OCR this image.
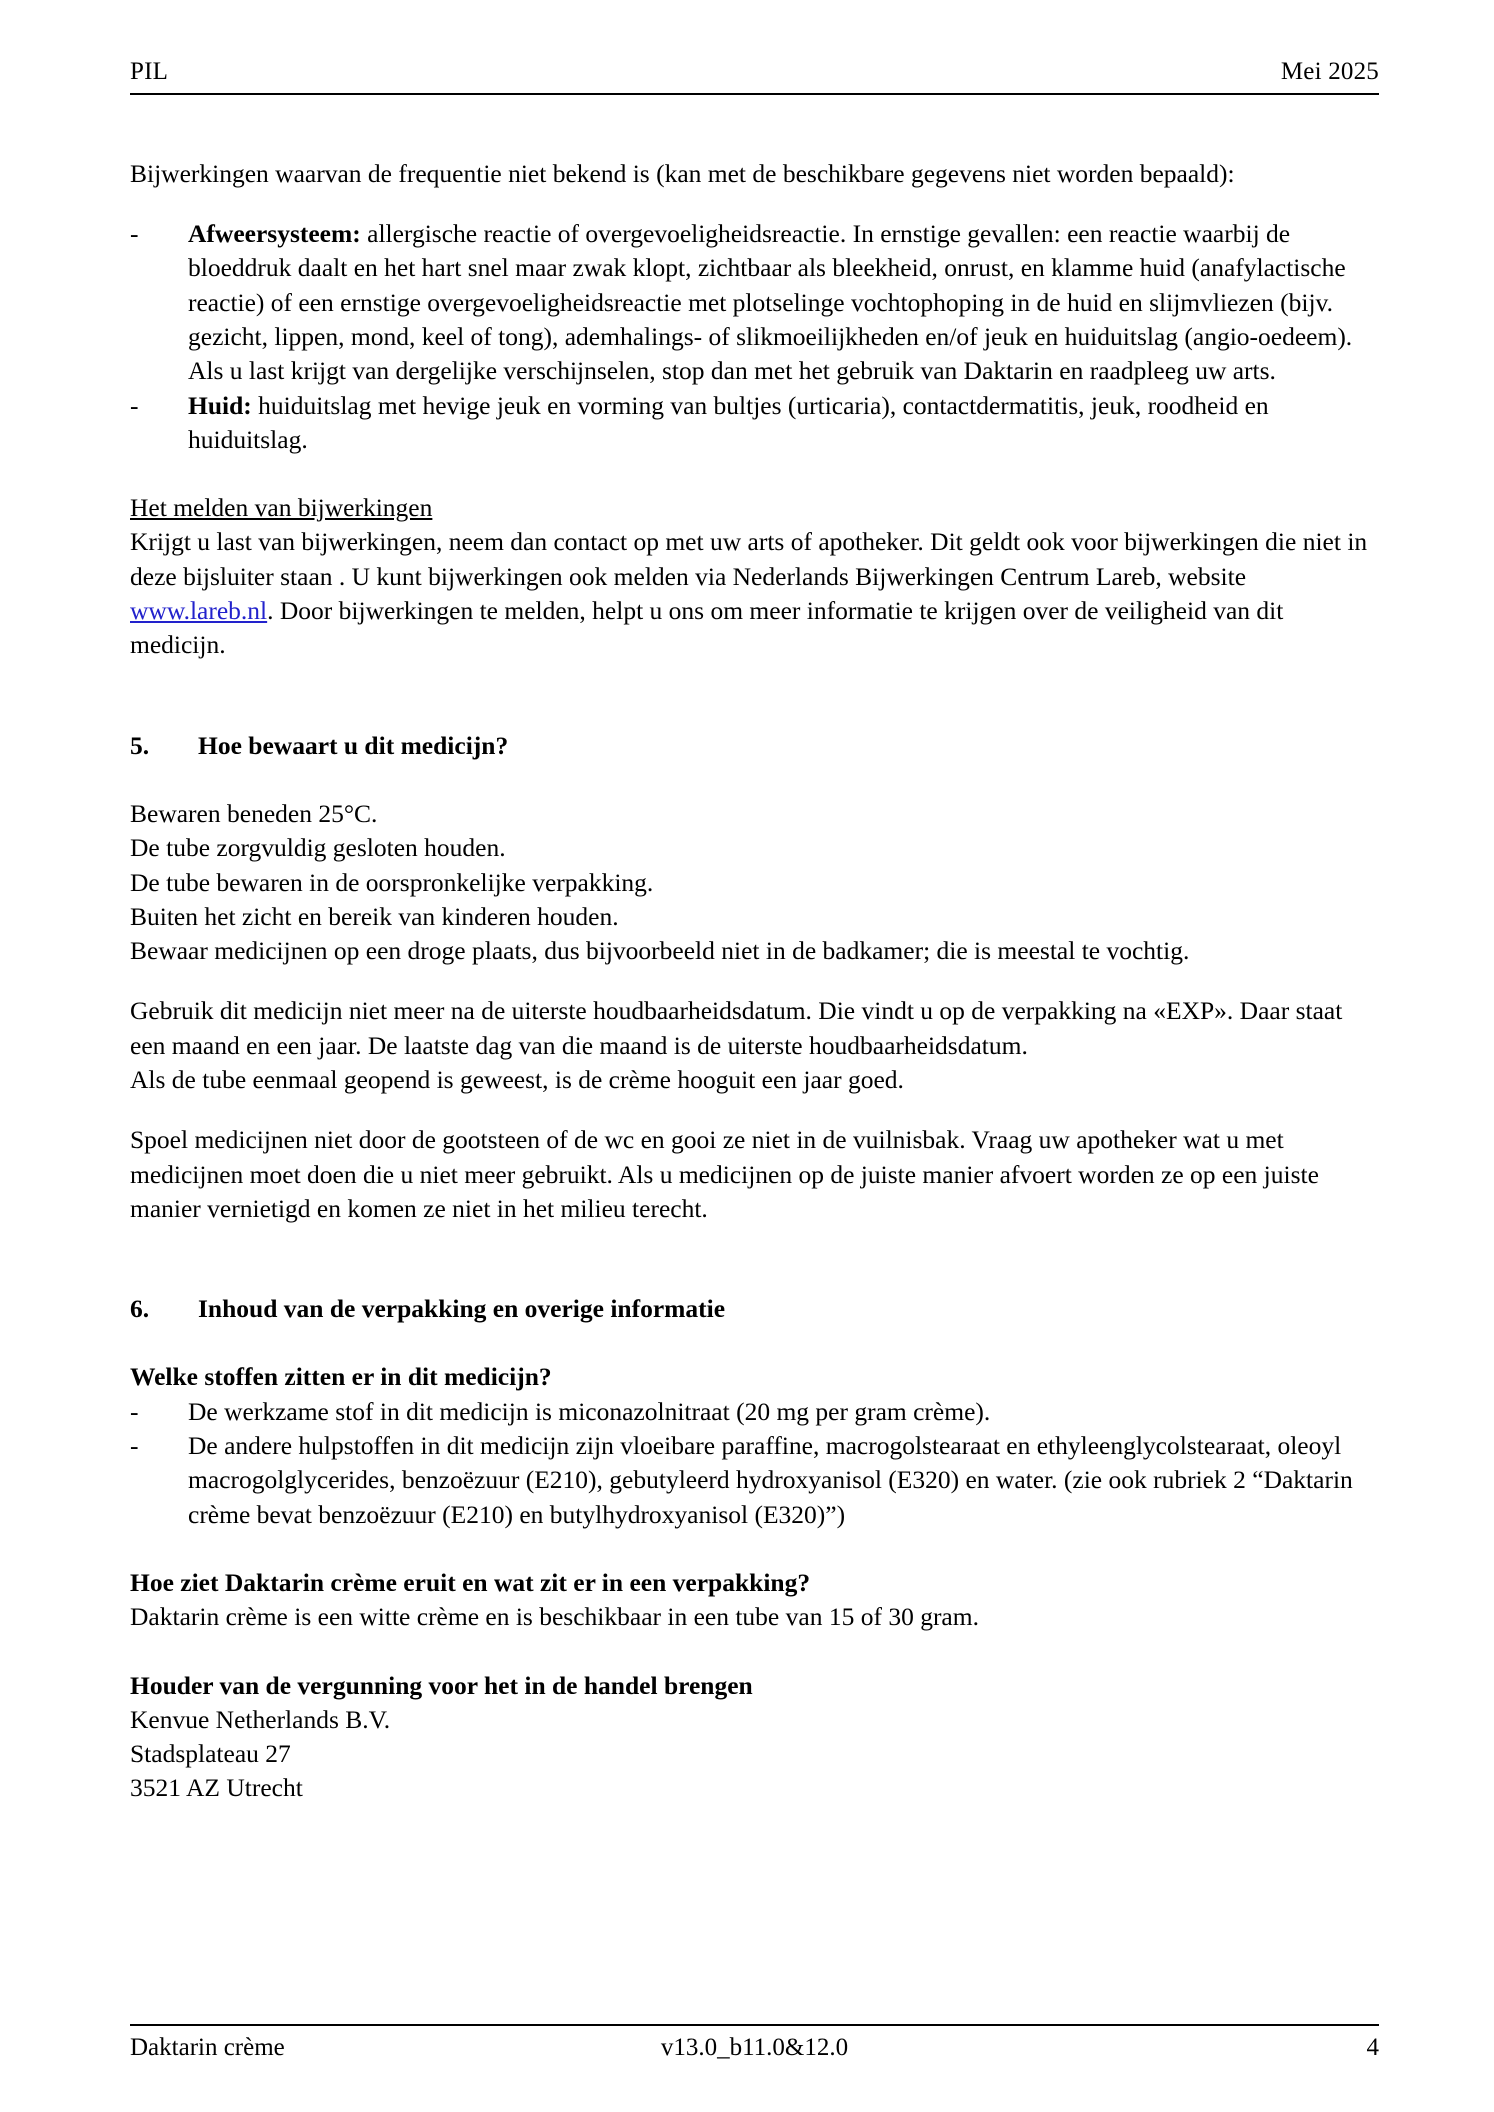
PIL	Mei 2025

Bijwerkingen waarvan de frequentie niet bekend is (kan met de beschikbare gegevens niet worden bepaald):

-	Afweersysteem: allergische reactie of overgevoeligheidsreactie. In ernstige gevallen: een reactie waarbij de bloeddruk daalt en het hart snel maar zwak klopt, zichtbaar als bleekheid, onrust, en klamme huid (anafylactische reactie) of een ernstige overgevoeligheidsreactie met plotselinge vochtophoping in de huid en slijmvliezen (bijv. gezicht, lippen, mond, keel of tong), ademhalings- of slikmoeilijkheden en/of jeuk en huiduitslag (angio-oedeem). Als u last krijgt van dergelijke verschijnselen, stop dan met het gebruik van Daktarin en raadpleeg uw arts.
-	Huid: huiduitslag met hevige jeuk en vorming van bultjes (urticaria), contactdermatitis, jeuk, roodheid en huiduitslag.

Het melden van bijwerkingen

Krijgt u last van bijwerkingen, neem dan contact op met uw arts of apotheker. Dit geldt ook voor bijwerkingen die niet in deze bijsluiter staan . U kunt bijwerkingen ook melden via Nederlands Bijwerkingen Centrum Lareb, website www.lareb.nl. Door bijwerkingen te melden, helpt u ons om meer informatie te krijgen over de veiligheid van dit medicijn.

5.	Hoe bewaart u dit medicijn?

Bewaren beneden 25°C.

De tube zorgvuldig gesloten houden.

De tube bewaren in de oorspronkelijke verpakking.

Buiten het zicht en bereik van kinderen houden.

Bewaar medicijnen op een droge plaats, dus bijvoorbeeld niet in de badkamer; die is meestal te vochtig.

Gebruik dit medicijn niet meer na de uiterste houdbaarheidsdatum. Die vindt u op de verpakking na «EXP». Daar staat een maand en een jaar. De laatste dag van die maand is de uiterste houdbaarheidsdatum.

Als de tube eenmaal geopend is geweest, is de crème hooguit een jaar goed.

Spoel medicijnen niet door de gootsteen of de wc en gooi ze niet in de vuilnisbak. Vraag uw apotheker wat u met medicijnen moet doen die u niet meer gebruikt. Als u medicijnen op de juiste manier afvoert worden ze op een juiste manier vernietigd en komen ze niet in het milieu terecht.

6.	Inhoud van de verpakking en overige informatie

Welke stoffen zitten er in dit medicijn?

-	De werkzame stof in dit medicijn is miconazolnitraat (20 mg per gram crème).
-	De andere hulpstoffen in dit medicijn zijn vloeibare paraffine, macrogolstearaat en ethyleenglycolstearaat, oleoyl macrogolglycerides, benzoëzuur (E210), gebutyleerd hydroxyanisol (E320) en water. (zie ook rubriek 2 “Daktarin crème bevat benzoëzuur (E210) en butylhydroxyanisol (E320)”)

Hoe ziet Daktarin crème eruit en wat zit er in een verpakking?

Daktarin crème is een witte crème en is beschikbaar in een tube van 15 of 30 gram.

Houder van de vergunning voor het in de handel brengen

Kenvue Netherlands B.V.

Stadsplateau 27

3521 AZ Utrecht

Daktarin crème	v13.0_b11.0&12.0	4
